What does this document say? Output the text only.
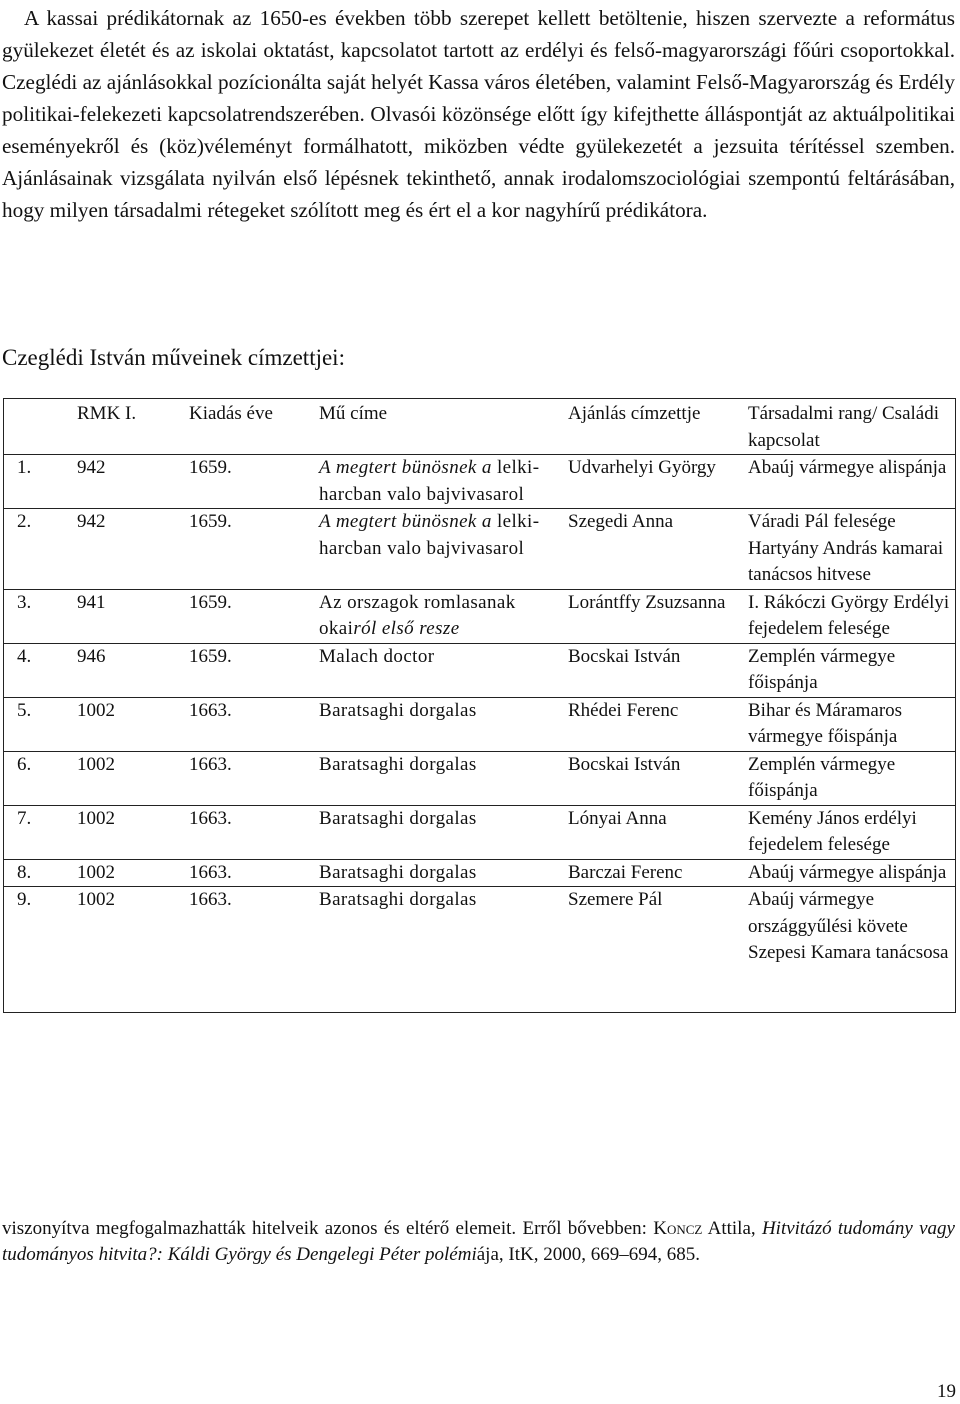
A kassai prédikátornak az 1650-es években több szerepet kellett betöltenie, hiszen szervezte a református gyülekezet életét és az iskolai oktatást, kapcsolatot tartott az erdélyi és felső-magyarországi főúri csoportokkal. Czeglédi az ajánlásokkal pozícionálta saját helyét Kassa város életében, valamint Felső-Magyarország és Erdély politikai-felekezeti kapcsolatrendszerében. Olvasói közönsége előtt így kifejthette álláspontját az aktuálpolitikai eseményekről és (köz)véleményt formálhatott, miközben védte gyülekezetét a jezsuita térítéssel szemben. Ajánlásainak vizsgálata nyilván első lépésnek tekinthető, annak irodalomszociológiai szempontú feltárásában, hogy milyen társadalmi rétegeket szólított meg és ért el a kor nagyhírű prédikátora.

Czeglédi István műveinek címzettjei:
	RMK I.	Kiadás éve	Mű címe	Ajánlás címzettje	Társadalmi rang/ Családi kapcsolat
1.	942	1659.	A megtert bünösnek a lelki-harcban valo bajvivasarol	Udvarhelyi György	Abaúj vármegye alispánja
2.	942	1659.	A megtert bünösnek a lelki-harcban valo bajvivasarol	Szegedi Anna	Váradi Pál felesége Hartyány András kamarai tanácsos hitvese
3.	941	1659.	Az orszagok romlasanak okairól első resze	Lorántffy Zsuzsanna	I. Rákóczi György Erdélyi fejedelem felesége
4.	946	1659.	Malach doctor	Bocskai István	Zemplén vármegye főispánja
5.	1002	1663.	Baratsaghi dorgalas	Rhédei Ferenc	Bihar és Máramaros vármegye főispánja
6.	1002	1663.	Baratsaghi dorgalas	Bocskai István	Zemplén vármegye főispánja
7.	1002	1663.	Baratsaghi dorgalas	Lónyai Anna	Kemény János erdélyi fejedelem felesége
8.	1002	1663.	Baratsaghi dorgalas	Barczai Ferenc	Abaúj vármegye alispánja
9.	1002	1663.	Baratsaghi dorgalas	Szemere Pál	Abaúj vármegye országgyűlési követe Szepesi Kamara tanácsosa

viszonyítva megfogalmazhatták hitelveik azonos és eltérő elemeit. Erről bővebben: Koncz Attila, Hitvitázó tudomány vagy tudományos hitvita?: Káldi György és Dengelegi Péter polémiája, ItK, 2000, 669–694, 685.

19
